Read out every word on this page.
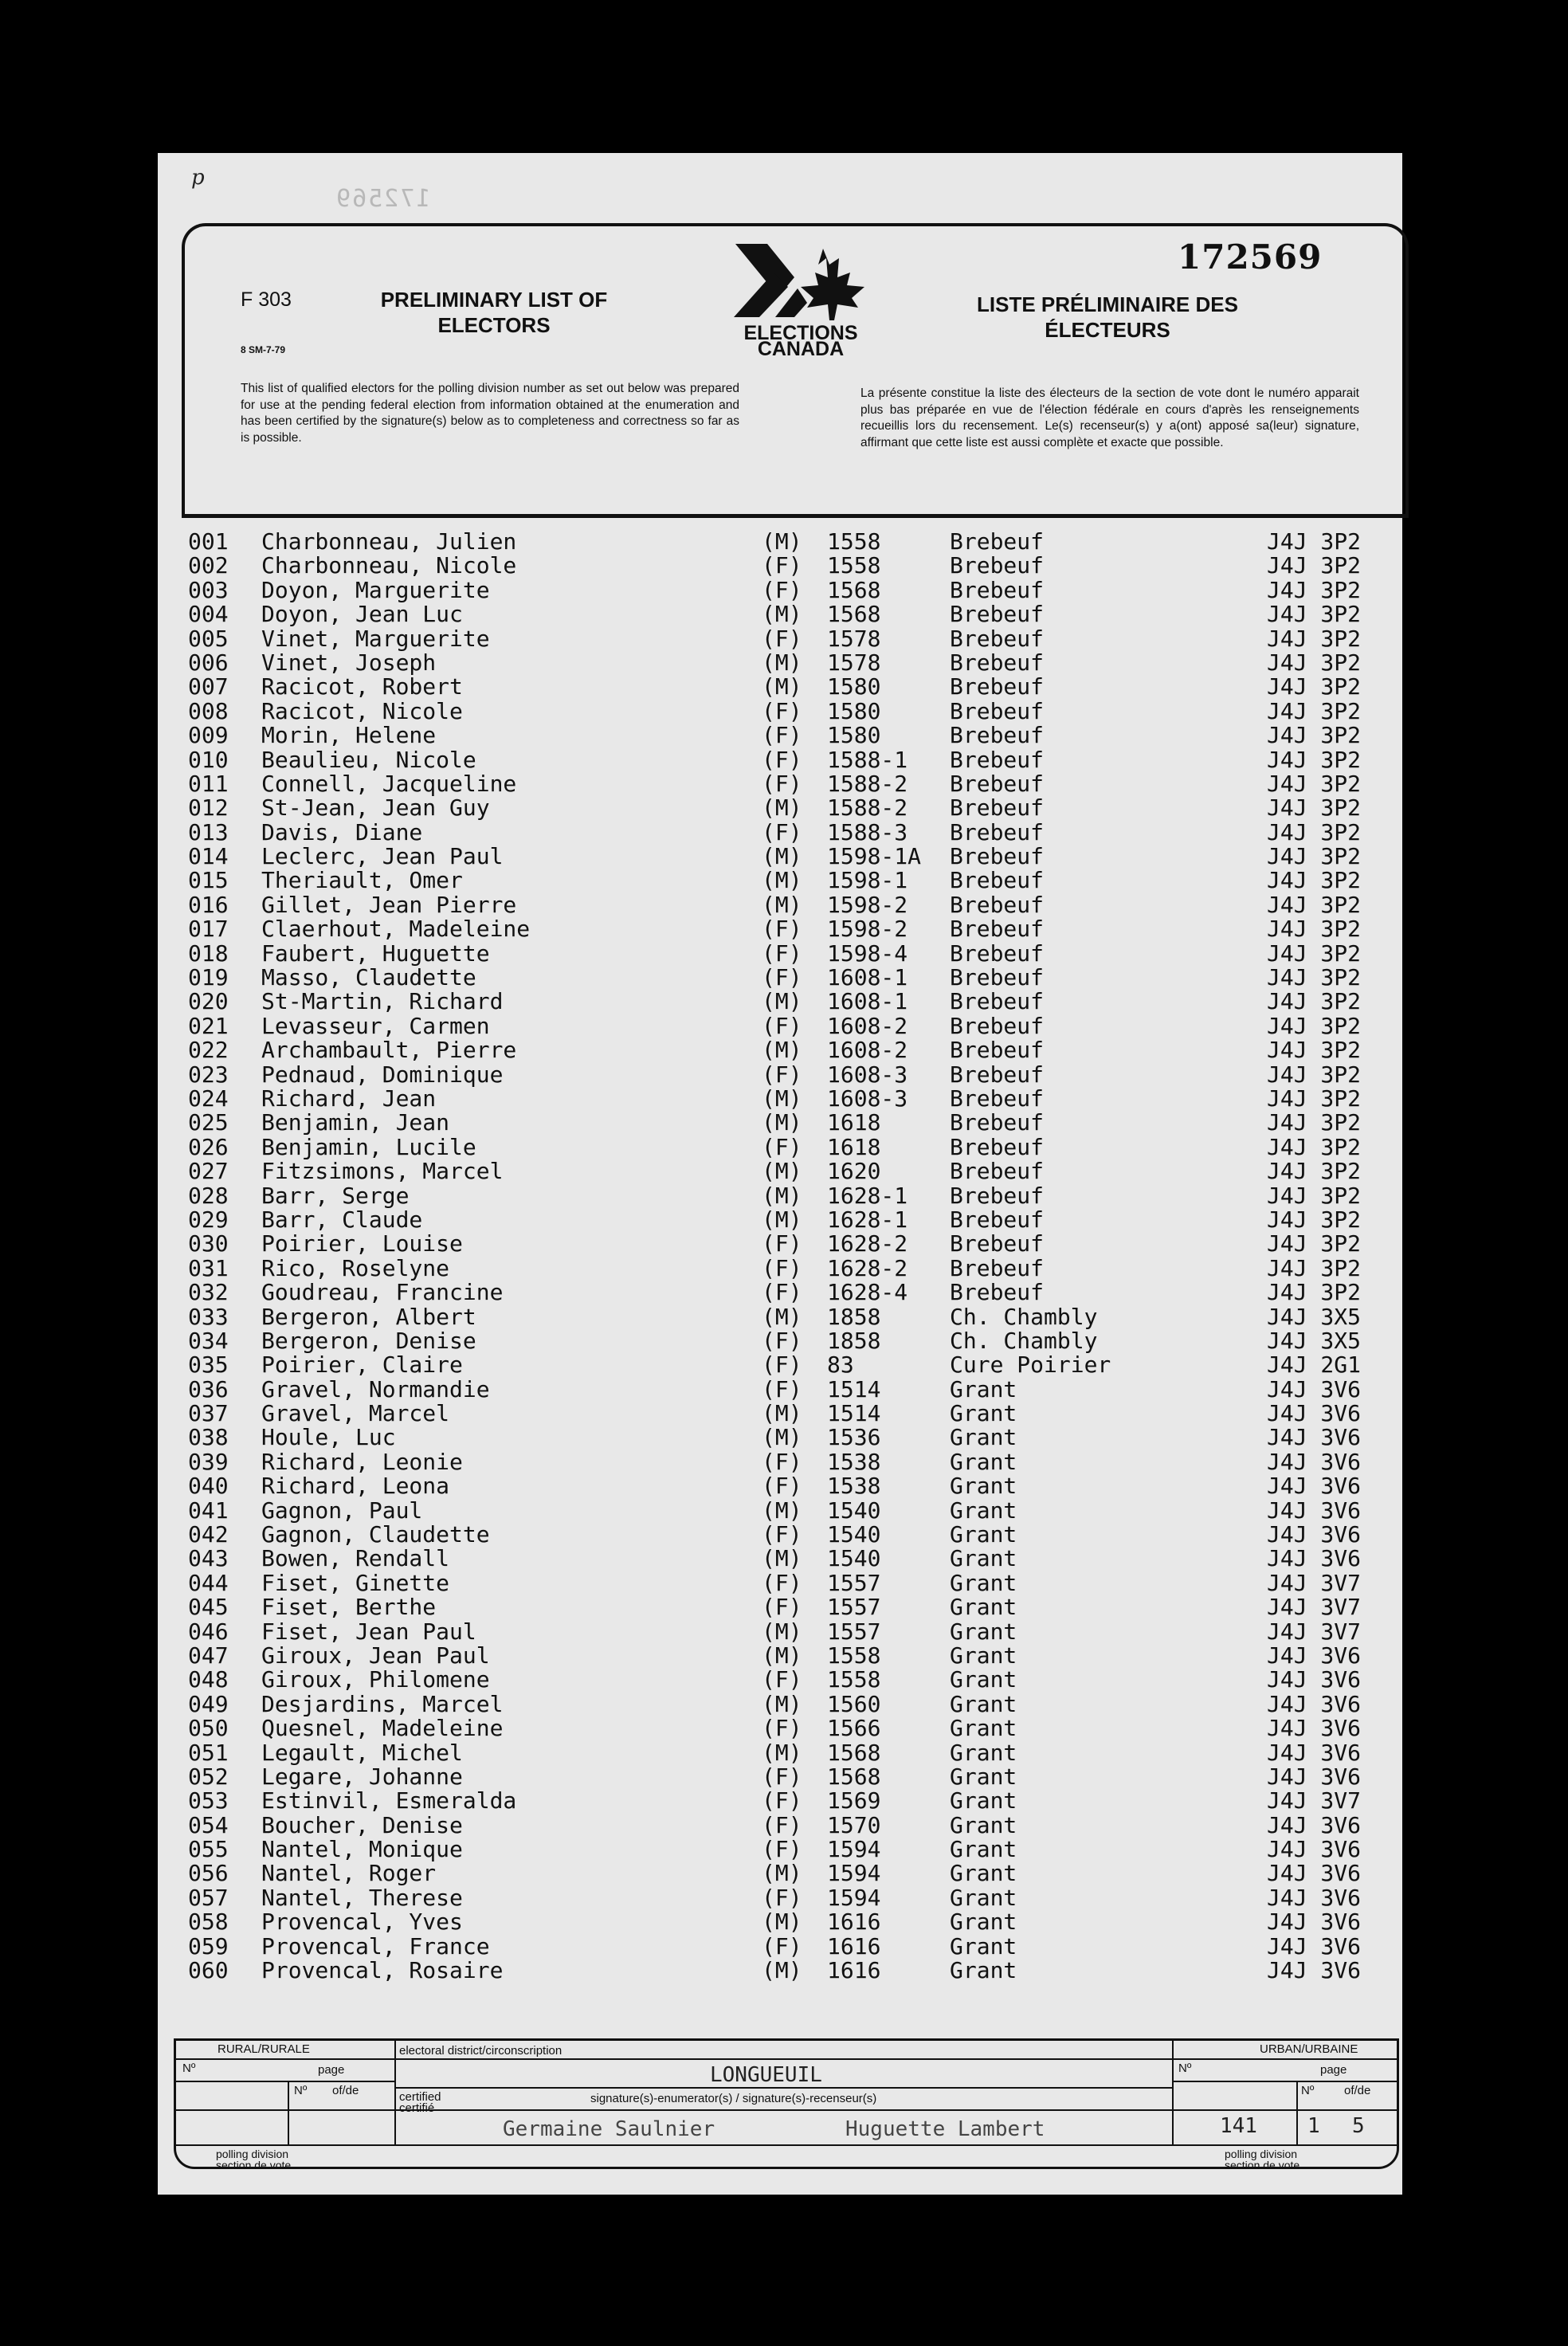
p
172569
172569
F 303
8 SM-7-79
PRELIMINARY LIST OF
ELECTORS	ELECTIONS
CANADA
LISTE PRÉLIMINAIRE DES
ÉLECTEURS
This list of qualified electors for the polling division number as set out below was prepared for use at the pending federal election from information obtained at the enumeration and has been certified by the signature(s) below as to completeness and correctness so far as is possible.
La présente constitue la liste des électeurs de la section de vote dont le numéro apparait plus bas préparée en vue de l'élection fédérale en cours d'après les renseignements recueillis lors du recensement. Le(s) recenseur(s) y a(ont) apposé sa(leur) signature, affirmant que cette liste est aussi complète et exacte que possible.
001 Charbonneau, Julien	(M) 1558	Brebeuf	J4J 3P2
002 Charbonneau, Nicole	(F) 1558	Brebeuf	J4J 3P2
003 Doyon, Marguerite	(F) 1568	Brebeuf	J4J 3P2
004 Doyon, Jean Luc	(M) 1568	Brebeuf	J4J 3P2
005 Vinet, Marguerite	(F) 1578	Brebeuf	J4J 3P2
006 Vinet, Joseph	(M) 1578	Brebeuf	J4J 3P2
007 Racicot, Robert	(M) 1580	Brebeuf	J4J 3P2
008 Racicot, Nicole	(F) 1580	Brebeuf	J4J 3P2
009 Morin, Helene	(F) 1580	Brebeuf	J4J 3P2
010 Beaulieu, Nicole	(F) 1588-1 Brebeuf	J4J 3P2
011 Connell, Jacqueline	(F) 1588-2 Brebeuf	J4J 3P2
012 St-Jean, Jean Guy	(M) 1588-2 Brebeuf	J4J 3P2
013 Davis, Diane	(F) 1588-3 Brebeuf	J4J 3P2
014 Leclerc, Jean Paul	(M) 1598-1A Brebeuf	J4J 3P2
015 Theriault, Omer	(M) 1598-1 Brebeuf	J4J 3P2
016 Gillet, Jean Pierre	(M) 1598-2 Brebeuf	J4J 3P2
017 Claerhout, Madeleine	(F) 1598-2 Brebeuf	J4J 3P2
018 Faubert, Huguette	(F) 1598-4 Brebeuf	J4J 3P2
019 Masso, Claudette	(F) 1608-1 Brebeuf	J4J 3P2
020 St-Martin, Richard	(M) 1608-1 Brebeuf	J4J 3P2
021 Levasseur, Carmen	(F) 1608-2 Brebeuf	J4J 3P2
022 Archambault, Pierre	(M) 1608-2 Brebeuf	J4J 3P2
023 Pednaud, Dominique	(F) 1608-3 Brebeuf	J4J 3P2
024 Richard, Jean	(M) 1608-3 Brebeuf	J4J 3P2
025 Benjamin, Jean	(M) 1618	Brebeuf	J4J 3P2
026 Benjamin, Lucile	(F) 1618	Brebeuf	J4J 3P2
027 Fitzsimons, Marcel	(M) 1620	Brebeuf	J4J 3P2
028 Barr, Serge	(M) 1628-1 Brebeuf	J4J 3P2
029 Barr, Claude	(M) 1628-1 Brebeuf	J4J 3P2
030 Poirier, Louise	(F) 1628-2 Brebeuf	J4J 3P2
031 Rico, Roselyne	(F) 1628-2 Brebeuf	J4J 3P2
032 Goudreau, Francine	(F) 1628-4 Brebeuf	J4J 3P2
033 Bergeron, Albert	(M) 1858	Ch. Chambly	J4J 3X5
034 Bergeron, Denise	(F) 1858	Ch. Chambly	J4J 3X5
035 Poirier, Claire	(F) 83	Cure Poirier	J4J 2G1
036 Gravel, Normandie	(F) 1514	Grant	J4J 3V6
037 Gravel, Marcel	(M) 1514	Grant	J4J 3V6
038 Houle, Luc	(M) 1536	Grant	J4J 3V6
039 Richard, Leonie	(F) 1538	Grant	J4J 3V6
040 Richard, Leona	(F) 1538	Grant	J4J 3V6
041 Gagnon, Paul	(M) 1540	Grant	J4J 3V6
042 Gagnon, Claudette	(F) 1540	Grant	J4J 3V6
043 Bowen, Rendall	(M) 1540	Grant	J4J 3V6
044 Fiset, Ginette	(F) 1557	Grant	J4J 3V7
045 Fiset, Berthe	(F) 1557	Grant	J4J 3V7
046 Fiset, Jean Paul	(M) 1557	Grant	J4J 3V7
047 Giroux, Jean Paul	(M) 1558	Grant	J4J 3V6
048 Giroux, Philomene	(F) 1558	Grant	J4J 3V6
049 Desjardins, Marcel	(M) 1560	Grant	J4J 3V6
050 Quesnel, Madeleine	(F) 1566	Grant	J4J 3V6
051 Legault, Michel	(M) 1568	Grant	J4J 3V6
052 Legare, Johanne	(F) 1568	Grant	J4J 3V6
053 Estinvil, Esmeralda	(F) 1569	Grant	J4J 3V7
054 Boucher, Denise	(F) 1570	Grant	J4J 3V6
055 Nantel, Monique	(F) 1594	Grant	J4J 3V6
056 Nantel, Roger	(M) 1594	Grant	J4J 3V6
057 Nantel, Therese	(F) 1594	Grant	J4J 3V6
058 Provencal, Yves	(M) 1616	Grant	J4J 3V6
059 Provencal, France	(F) 1616	Grant	J4J 3V6
060 Provencal, Rosaire	(M) 1616	Grant	J4J 3V6
RURAL/RURALE
Nº	page
Nº of/de
polling division
section de vote
electoral district/circonscription
LONGUEUIL
certified
certifié
signature(s)-enumerator(s) / signature(s)-recenseur(s)
Germaine Saulnier	Huguette Lambert
URBAN/URBAINE
Nº	page
Nº	of/de
141 1 5
polling division
section de vote
